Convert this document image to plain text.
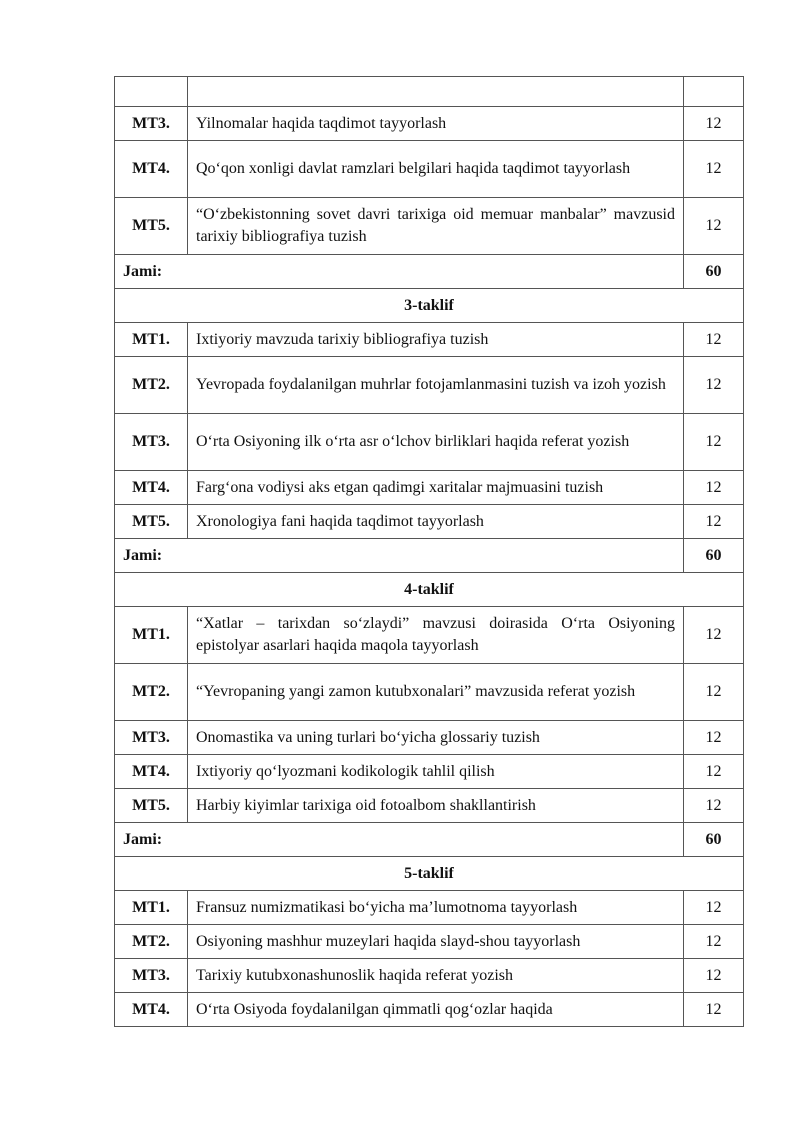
MT3.	Yilnomalar haqida taqdimot tayyorlash	12
MT4.	Qo‘qon xonligi davlat ramzlari belgilari haqida taqdimot tayyorlash	12
MT5.	“O‘zbekistonning sovet davri tarixiga oid memuar manbalar” mavzusid tarixiy bibliografiya tuzish	12
Jami:		60
3-taklif		
MT1.	Ixtiyoriy mavzuda tarixiy bibliografiya tuzish	12
MT2.	Yevropada foydalanilgan muhrlar fotojamlanmasini tuzish va izoh yozish	12
MT3.	O‘rta Osiyoning ilk o‘rta asr o‘lchov birliklari haqida referat yozish	12
MT4.	Farg‘ona vodiysi aks etgan qadimgi xaritalar majmuasini tuzish	12
MT5.	Xronologiya fani haqida taqdimot tayyorlash	12
Jami:		60
4-taklif		
MT1.	“Xatlar – tarixdan so‘zlaydi” mavzusi doirasida O‘rta Osiyoning epistolyar asarlari haqida maqola tayyorlash	12
MT2.	“Yevropaning yangi zamon kutubxonalari” mavzusida referat yozish	12
MT3.	Onomastika va uning turlari bo‘yicha glossariy tuzish	12
MT4.	Ixtiyoriy qo‘lyozmani kodikologik tahlil qilish	12
MT5.	Harbiy kiyimlar tarixiga oid fotoalbom shakllantirish	12
Jami:		60
5-taklif		
MT1.	Fransuz numizmatikasi bo‘yicha ma’lumotnoma tayyorlash	12
MT2.	Osiyoning mashhur muzeylari haqida slayd-shou tayyorlash	12
MT3.	Tarixiy kutubxonashunoslik haqida referat yozish	12
MT4.	O‘rta Osiyoda foydalanilgan qimmatli qog‘ozlar haqida	12
